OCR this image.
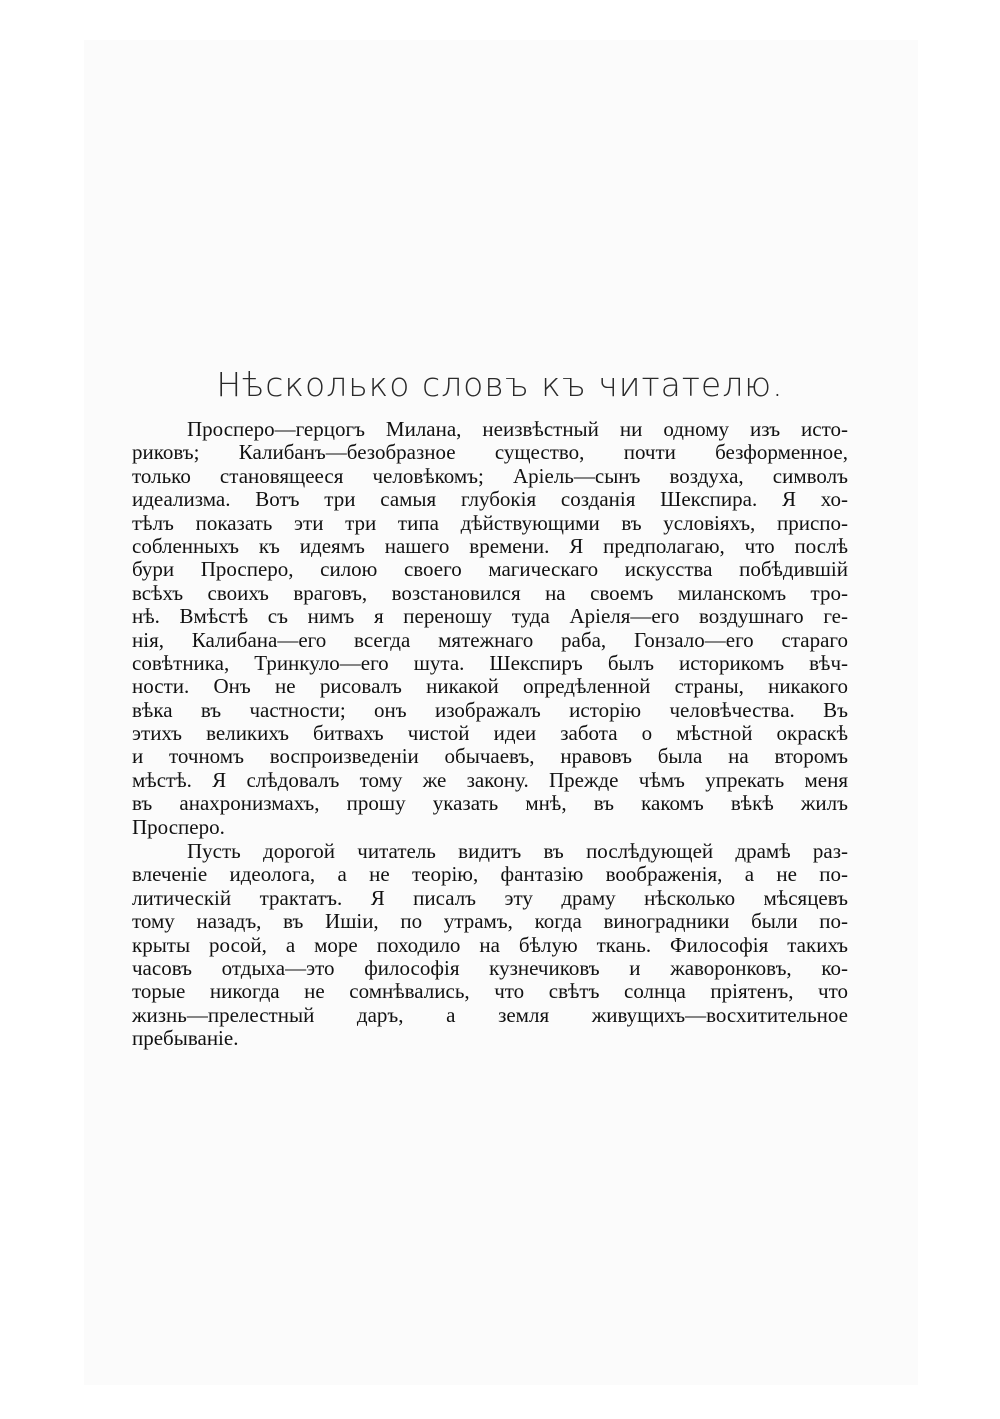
Нѣсколько словъ къ читателю.
Просперо—герцогъ Милана, неизвѣстный ни одному изъ исто-
риковъ; Калибанъ—безобразное существо, почти безформенное,
только становящееся человѣкомъ; Аріель—сынъ воздуха, символъ
идеализма. Вотъ три самыя глубокія созданія Шекспира. Я хо-
тѣлъ показать эти три типа дѣйствующими въ условіяхъ, приспо-
собленныхъ къ идеямъ нашего времени. Я предполагаю, что послѣ
бури Просперо, силою своего магическаго искусства побѣдившій
всѣхъ своихъ враговъ, возстановился на своемъ миланскомъ тро-
нѣ. Вмѣстѣ съ нимъ я переношу туда Аріеля—его воздушнаго ге-
нія, Калибана—его всегда мятежнаго раба, Гонзало—его стараго
совѣтника, Тринкуло—его шута. Шекспиръ былъ историкомъ вѣч-
ности. Онъ не рисовалъ никакой опредѣленной страны, никакого
вѣка въ частности; онъ изображалъ исторію человѣчества. Въ
этихъ великихъ битвахъ чистой идеи забота о мѣстной окраскѣ
и точномъ воспроизведеніи обычаевъ, нравовъ была на второмъ
мѣстѣ. Я слѣдовалъ тому же закону. Прежде чѣмъ упрекать меня
въ анахронизмахъ, прошу указать мнѣ, въ какомъ вѣкѣ жилъ
Просперо.
Пусть дорогой читатель видитъ въ послѣдующей драмѣ раз-
влеченіе идеолога, а не теорію, фантазію воображенія, а не по-
литическій трактатъ. Я писалъ эту драму нѣсколько мѣсяцевъ
тому назадъ, въ Ишіи, по утрамъ, когда виноградники были по-
крыты росой, а море походило на бѣлую ткань. Философія такихъ
часовъ отдыха—это философія кузнечиковъ и жаворонковъ, ко-
торые никогда не сомнѣвались, что свѣтъ солнца пріятенъ, что
жизнь—прелестный даръ, а земля живущихъ—восхитительное
пребываніе.
